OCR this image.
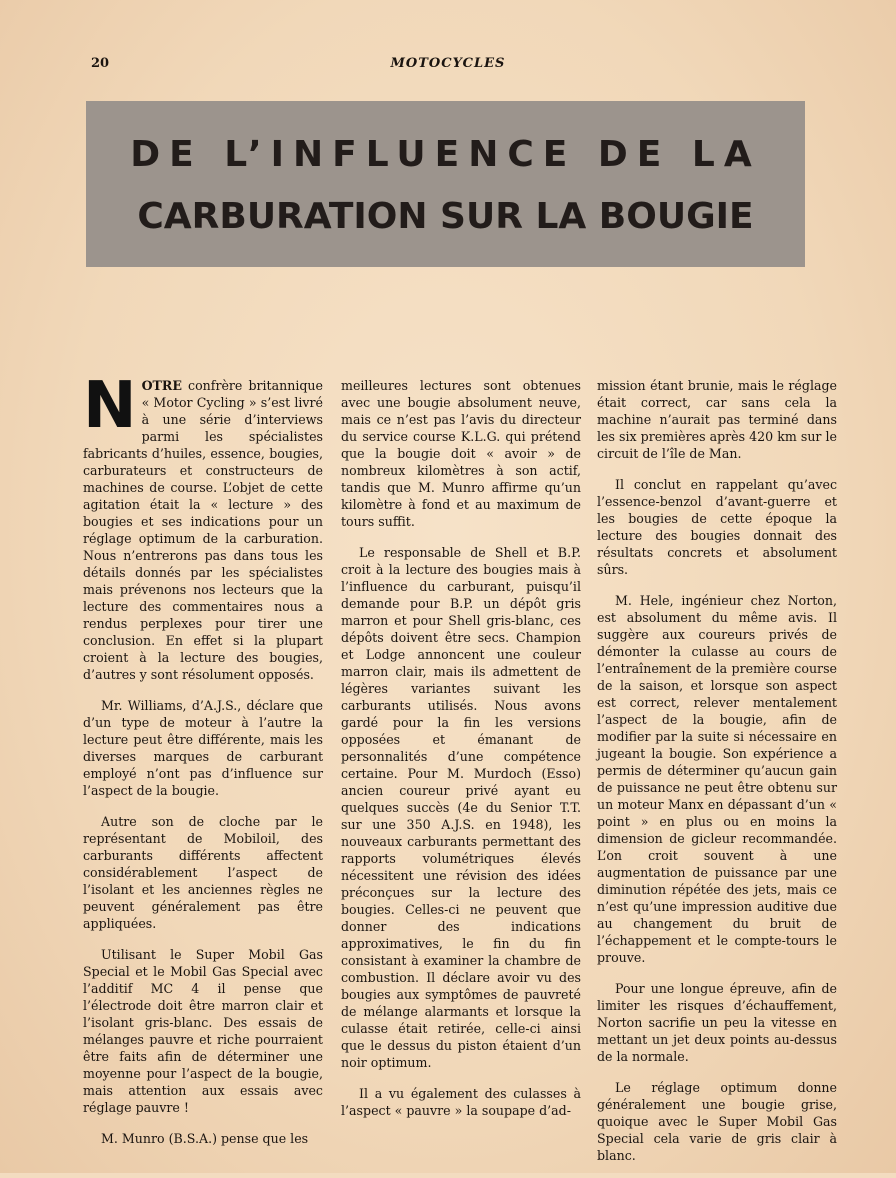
20	MOTOCYCLES
DE L’INFLUENCE DE LA
CARBURATION SUR LA BOUGIE

NOTRE confrère britannique « Motor Cycling » s’est livré à une série d’interviews parmi les spécialistes fabricants d’huiles, essence, bougies, carburateurs et constructeurs de machines de course. L’objet de cette agitation était la « lecture » des bougies et ses indications pour un réglage optimum de la carburation. Nous n’entrerons pas dans tous les détails donnés par les spécialistes mais prévenons nos lecteurs que la lecture des commentaires nous a rendus perplexes pour tirer une conclusion. En effet si la plupart croient à la lecture des bougies, d’autres y sont résolument opposés.

Mr. Williams, d’A.J.S., déclare que d’un type de moteur à l’autre la lecture peut être différente, mais les diverses marques de carburant employé n’ont pas d’influence sur l’aspect de la bougie.

Autre son de cloche par le représentant de Mobiloil, des carburants différents affectent considérablement l’aspect de l’isolant et les anciennes règles ne peuvent généralement pas être appliquées.

Utilisant le Super Mobil Gas Special et le Mobil Gas Special avec l’additif MC 4 il pense que l’électrode doit être marron clair et l’isolant gris-blanc. Des essais de mélanges pauvre et riche pourraient être faits afin de déterminer une moyenne pour l’aspect de la bougie, mais attention aux essais avec réglage pauvre !

M. Munro (B.S.A.) pense que les

meilleures lectures sont obtenues avec une bougie absolument neuve, mais ce n’est pas l’avis du directeur du service course K.L.G. qui prétend que la bougie doit « avoir » de nombreux kilomètres à son actif, tandis que M. Munro affirme qu’un kilomètre à fond et au maximum de tours suffit.

Le responsable de Shell et B.P. croit à la lecture des bougies mais à l’influence du carburant, puisqu’il demande pour B.P. un dépôt gris marron et pour Shell gris-blanc, ces dépôts doivent être secs. Champion et Lodge annoncent une couleur marron clair, mais ils admettent de légères variantes suivant les carburants utilisés. Nous avons gardé pour la fin les versions opposées et émanant de personnalités d’une compétence certaine. Pour M. Murdoch (Esso) ancien coureur privé ayant eu quelques succès (4e du Senior T.T. sur une 350 A.J.S. en 1948), les nouveaux carburants permettant des rapports volumétriques élevés nécessitent une révision des idées préconçues sur la lecture des bougies. Celles-ci ne peuvent que donner des indications approximatives, le fin du fin consistant à examiner la chambre de combustion. Il déclare avoir vu des bougies aux symptômes de pauvreté de mélange alarmants et lorsque la culasse était retirée, celle-ci ainsi que le dessus du piston étaient d’un noir optimum.

Il a vu également des culasses à l’aspect « pauvre » la soupape d’ad-

mission étant brunie, mais le réglage était correct, car sans cela la machine n’aurait pas terminé dans les six premières après 420 km sur le circuit de l’île de Man.

Il conclut en rappelant qu’avec l’essence-benzol d’avant-guerre et les bougies de cette époque la lecture des bougies donnait des résultats concrets et absolument sûrs.

M. Hele, ingénieur chez Norton, est absolument du même avis. Il suggère aux coureurs privés de démonter la culasse au cours de l’entraînement de la première course de la saison, et lorsque son aspect est correct, relever mentalement l’aspect de la bougie, afin de modifier par la suite si nécessaire en jugeant la bougie. Son expérience a permis de déterminer qu’aucun gain de puissance ne peut être obtenu sur un moteur Manx en dépassant d’un « point » en plus ou en moins la dimension de gicleur recommandée. L’on croit souvent à une augmentation de puissance par une diminution répétée des jets, mais ce n’est qu’une impression auditive due au changement du bruit de l’échappement et le compte-tours le prouve.

Pour une longue épreuve, afin de limiter les risques d’échauffement, Norton sacrifie un peu la vitesse en mettant un jet deux points au-dessus de la normale.

Le réglage optimum donne généralement une bougie grise, quoique avec le Super Mobil Gas Special cela varie de gris clair à blanc.
